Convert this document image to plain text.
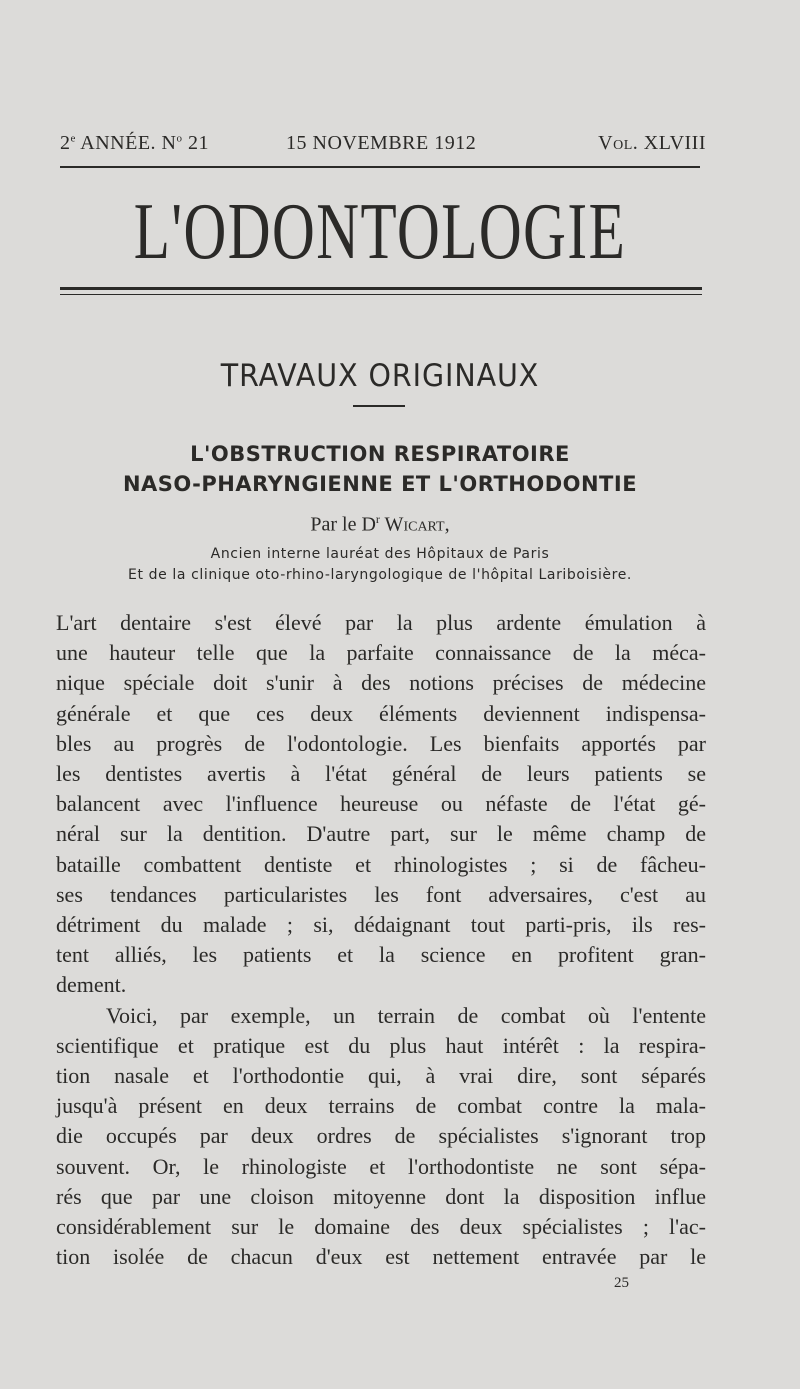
2e ANNÉE. $N^o$ 21	15 NOVEMBRE 1912	Vol. XLVIII
L'ODONTOLOGIE
TRAVAUX ORIGINAUX
L'OBSTRUCTION RESPIRATOIRE
NASO-PHARYNGIENNE ET L'ORTHODONTIE
Par le $D^r$ Wicart,
Ancien interne lauréat des Hôpitaux de Paris
Et de la clinique oto-rhino-laryngologique de l'hôpital Lariboisière.
L'art dentaire s'est élevé par la plus ardente émulation à
une hauteur telle que la parfaite connaissance de la méca-
nique spéciale doit s'unir à des notions précises de médecine
générale et que ces deux éléments deviennent indispensa-
bles au progrès de l'odontologie. Les bienfaits apportés par
les dentistes avertis à l'état général de leurs patients se
balancent avec l'influence heureuse ou néfaste de l'état gé-
néral sur la dentition. D'autre part, sur le même champ de
bataille combattent dentiste et rhinologistes ; si de fâcheu-
ses tendances particularistes les font adversaires, c'est au
détriment du malade ; si, dédaignant tout parti-pris, ils res-
tent alliés, les patients et la science en profitent gran-
dement.
Voici, par exemple, un terrain de combat où l'entente
scientifique et pratique est du plus haut intérêt : la respira-
tion nasale et l'orthodontie qui, à vrai dire, sont séparés
jusqu'à présent en deux terrains de combat contre la mala-
die occupés par deux ordres de spécialistes s'ignorant trop
souvent. Or, le rhinologiste et l'orthodontiste ne sont sépa-
rés que par une cloison mitoyenne dont la disposition influe
considérablement sur le domaine des deux spécialistes ; l'ac-
tion isolée de chacun d'eux est nettement entravée par le
25
